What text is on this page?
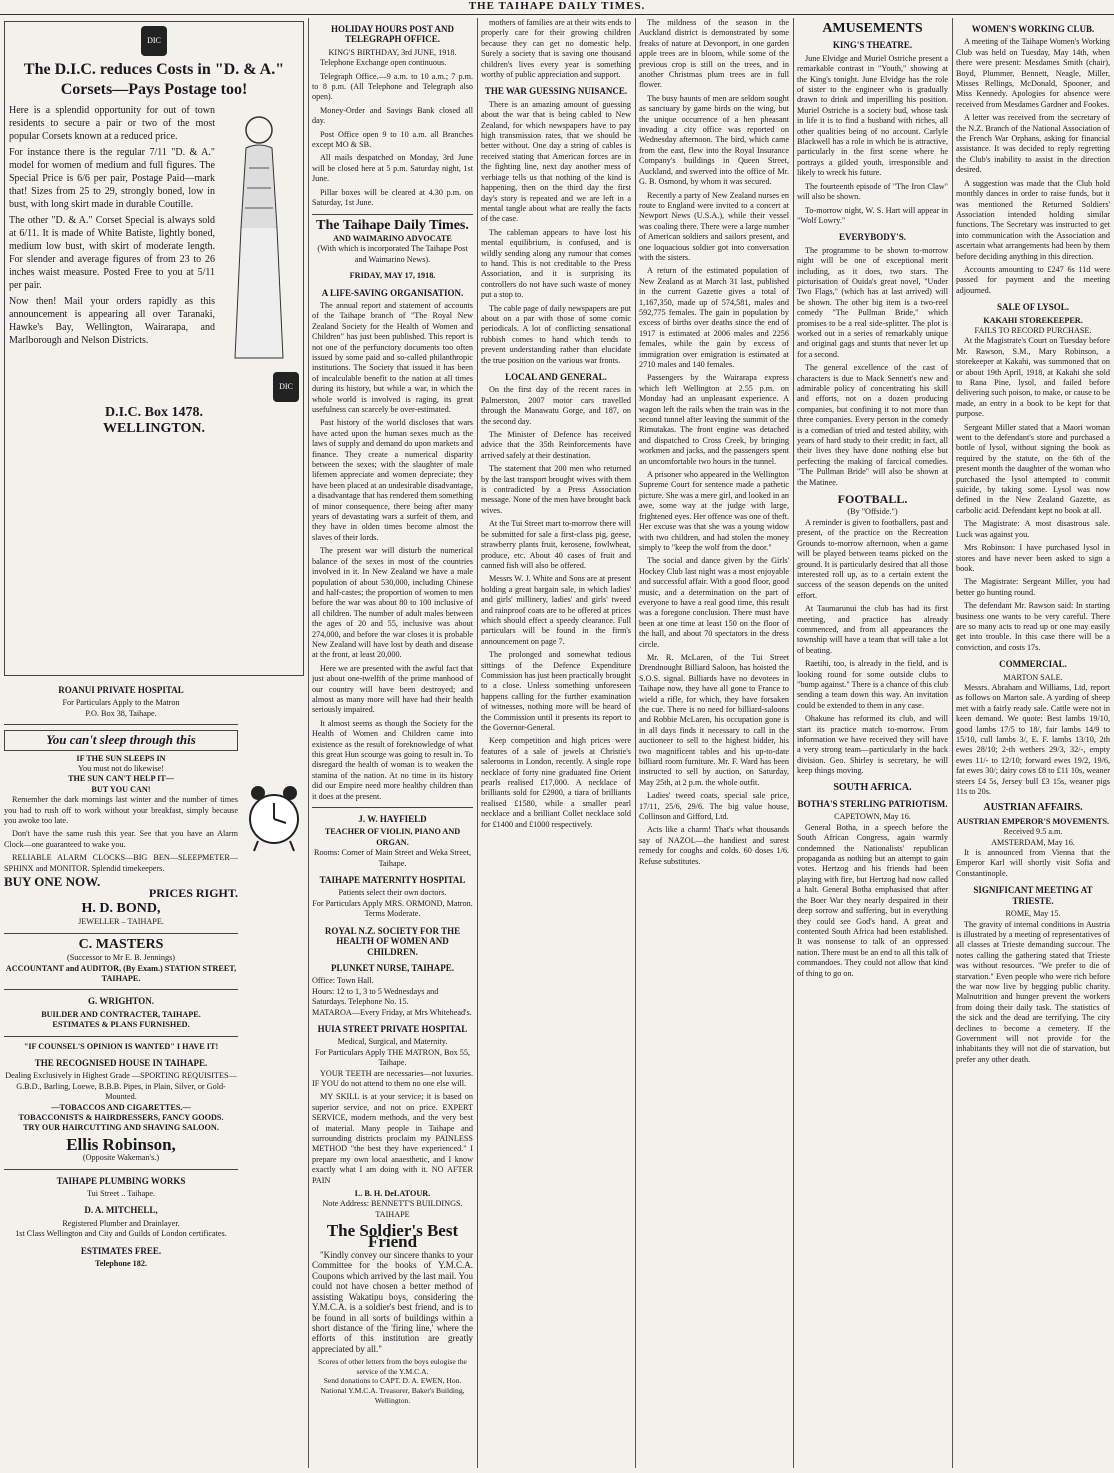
THE TAIHAPE DAILY TIMES.
DIC
The D.I.C. reduces Costs in "D. & A." Corsets—Pays Postage too!

Here is a splendid opportunity for out of town residents to secure a pair or two of the most popular Corsets known at a reduced price.

For instance there is the regular 7/11 "D. & A." model for women of medium and full figures. The Special Price is 6/6 per pair, Postage Paid—mark that! Sizes from 25 to 29, strongly boned, low in bust, with long skirt made in durable Coutille.

The other "D. & A." Corset Special is always sold at 6/11. It is made of White Batiste, lightly boned, medium low bust, with skirt of moderate length. For slender and average figures of from 23 to 26 inches waist measure. Posted Free to you at 5/11 per pair.

Now then! Mail your orders rapidly as this announcement is appearing all over Taranaki, Hawke's Bay, Wellington, Wairarapa, and Marlborough and Nelson Districts.

DIC
D.I.C. Box 1478.
WELLINGTON.
ROANUI PRIVATE HOSPITAL
For Particulars Apply to the Matron
P.O. Box 38, Taihape.
You can't sleep through this
IF THE SUN SLEEPS IN
You must not do likewise!
THE SUN CAN'T HELP IT—
BUT YOU CAN!

Remember the dark mornings last winter and the number of times you had to rush off to work without your breakfast, simply because you awoke too late.

Don't have the same rush this year. See that you have an Alarm Clock—one guaranteed to wake you.

RELIABLE ALARM CLOCKS—BIG BEN—SLEEPMETER—SPHINX and MONITOR. Splendid timekeepers.

BUY ONE NOW.
PRICES RIGHT.
H. D. BOND,
JEWELLER – TAIHAPE.
C. MASTERS
(Successor to Mr E. B. Jennings)
ACCOUNTANT and AUDITOR, (By Exam.) STATION STREET, TAIHAPE.
G. WRIGHTON.
BUILDER AND CONTRACTER, TAIHAPE.
ESTIMATES & PLANS FURNISHED.
"IF COUNSEL'S OPINION IS WANTED" I HAVE IT!
THE RECOGNISED HOUSE IN TAIHAPE.
Dealing Exclusively in Highest Grade —SPORTING REQUISITES—
G.B.D., Barling, Loewe, B.B.B. Pipes, in Plain, Silver, or Gold-Mounted.
—TOBACCOS AND CIGARETTES.—
TOBACCONISTS & HAIRDRESSERS, FANCY GOODS.
TRY OUR HAIRCUTTING AND SHAVING SALOON.
Ellis Robinson,
(Opposite Wakeman's.)
TAIHAPE PLUMBING WORKS
Tui Street .. Taihape.
D. A. MITCHELL,
Registered Plumber and Drainlayer.
1st Class Wellington and City and Guilds of London certificates.
ESTIMATES FREE.
Telephone 182.
HOLIDAY HOURS POST AND TELEGRAPH OFFICE.
KING'S BIRTHDAY, 3rd JUNE, 1918.

Telephone Exchange open continuous.

Telegraph Office.—9 a.m. to 10 a.m.; 7 p.m. to 8 p.m. (All Telephone and Telegraph also open).

Money-Order and Savings Bank closed all day.

Post Office open 9 to 10 a.m. all Branches except MO & SB.

All mails despatched on Monday, 3rd June will be closed here at 5 p.m. Saturday night, 1st June.

Pillar boxes will be cleared at 4.30 p.m. on Saturday, 1st June.

The Taihape Daily Times.
AND WAIMARINO ADVOCATE
(With which is incorporated The Taihape Post and Waimarino News).
FRIDAY, MAY 17, 1918.
A LIFE-SAVING ORGANISATION.

The annual report and statement of accounts of the Taihape branch of "The Royal New Zealand Society for the Health of Women and Children" has just been published. This report is not one of the perfunctory documents too often issued by some paid and so-called philanthropic institutions. The Society that issued it has been of incalculable benefit to the nation at all times during its history, but while a war, in which the whole world is involved is raging, its great usefulness can scarcely be over-estimated.

Past history of the world discloses that wars have acted upon the human sexes much as the laws of supply and demand do upon markets and finance. They create a numerical disparity between the sexes; with the slaughter of male lifemen appreciate and women depreciate; they have been placed at an undesirable disadvantage, a disadvantage that has rendered them something of minor consequence, there being after many years of devastating wars a surfeit of them, and they have in olden times become almost the slaves of their lords.

The present war will disturb the numerical balance of the sexes in most of the countries involved in it. In New Zealand we have a male population of about 530,000, including Chinese and half-castes; the proportion of women to men before the war was about 80 to 100 inclusive of all children. The number of adult males between the ages of 20 and 55, inclusive was about 274,000, and before the war closes it is probable New Zealand will have lost by death and disease at the front, at least 20,000.

Here we are presented with the awful fact that just about one-twelfth of the prime manhood of our country will have been destroyed; and almost as many more will have had their health seriously impaired.

It almost seems as though the Society for the Health of Women and Children came into existence as the result of foreknowledge of what this great Hun scourge was going to result in. To disregard the health of woman is to weaken the stamina of the nation. At no time in its history did our Empire need more healthy children than it does at the present.

J. W. HAYFIELD
TEACHER OF VIOLIN, PIANO AND ORGAN.
Rooms: Corner of Main Street and Weka Street, Taihape.
TAIHAPE MATERNITY HOSPITAL
Patients select their own doctors.
For Particulars Apply MRS. ORMOND, Matron. Terms Moderate.
ROYAL N.Z. SOCIETY FOR THE HEALTH OF WOMEN AND CHILDREN.
PLUNKET NURSE, TAIHAPE.
Office: Town Hall.
Hours: 12 to 1, 3 to 5 Wednesdays and Saturdays. Telephone No. 15.
MATAROA—Every Friday, at Mrs Whitehead's.
HUIA STREET PRIVATE HOSPITAL
Medical, Surgical, and Maternity.
For Particulars Apply THE MATRON, Box 55, Taihape.

YOUR TEETH are necessaries—not luxuries. IF YOU do not attend to them no one else will.

MY SKILL is at your service; it is based on superior service, and not on price. EXPERT SERVICE, modern methods, and the very best of material. Many people in Taihape and surrounding districts proclaim my PAINLESS METHOD "the best they have experienced." I prepare my own local anaesthetic, and I know exactly what I am doing with it. NO AFTER PAIN

L. B. H. DeLATOUR.
Note Address: BENNETT'S BUILDINGS. TAIHAPE
The Soldier's Best Friend

"Kindly convey our sincere thanks to your Committee for the books of Y.M.C.A. Coupons which arrived by the last mail. You could not have chosen a better method of assisting Wakatipu boys, considering the Y.M.C.A. is a soldier's best friend, and is to be found in all sorts of buildings within a short distance of the 'firing line,' where the efforts of this institution are greatly appreciated by all."

Scores of other letters from the boys eulogise the service of the Y.M.C.A.
Send donations to CAPT. D. A. EWEN, Hon. National Y.M.C.A. Treasurer, Baker's Building, Wellington.

mothers of families are at their wits ends to properly care for their growing children because they can get no domestic help. Surely a society that is saving one thousand children's lives every year is something worthy of public appreciation and support.

THE WAR GUESSING NUISANCE.

There is an amazing amount of guessing about the war that is being cabled to New Zealand, for which newspapers have to pay high transmission rates, that we should be better without. One day a string of cables is received stating that American forces are in the fighting line, next day another mess of verbiage tells us that nothing of the kind is happening, then on the third day the first day's story is repeated and we are left in a mental tangle about what are really the facts of the case.

The cableman appears to have lost his mental equilibrium, is confused, and is wildly sending along any rumour that comes to hand. This is not creditable to the Press Association, and it is surprising its controllers do not have such waste of money put a stop to.

The cable page of daily newspapers are put about on a par with those of some comic periodicals. A lot of conflicting sensational rubbish comes to hand which tends to prevent understanding rather than elucidate the true position on the various war fronts.

LOCAL AND GENERAL.

On the first day of the recent races in Palmerston, 2007 motor cars travelled through the Manawatu Gorge, and 187, on the second day.

The Minister of Defence has received advice that the 35th Reinforcements have arrived safely at their destination.

The statement that 200 men who returned by the last transport brought wives with them is contradicted by a Press Association message. None of the men have brought back wives.

At the Tui Street mart to-morrow there will be submitted for sale a first-class pig, geese, strawberry plants fruit, kerosene, fowlwheat, produce, etc. About 40 cases of fruit and canned fish will also be offered.

Messrs W. J. White and Sons are at present holding a great bargain sale, in which ladies' and girls' millinery, ladies' and girls' tweed and rainproof coats are to be offered at prices which should effect a speedy clearance. Full particulars will be found in the firm's announcement on page 7.

The prolonged and somewhat tedious sittings of the Defence Expenditure Commission has just been practically brought to a close. Unless something unforeseen happens calling for the further examination of witnesses, nothing more will be heard of the Commission until it presents its report to the Governor-General.

Keep competition and high prices were features of a sale of jewels at Christie's salerooms in London, recently. A single rope necklace of forty nine graduated fine Orient pearls realised £17,000. A necklace of brilliants sold for £2900, a tiara of brilliants realised £1580, while a smaller pearl necklace and a brilliant Collet necklace sold for £1400 and £1000 respectively.

The mildness of the season in the Auckland district is demonstrated by some freaks of nature at Devonport, in one garden apple trees are in bloom, while some of the previous crop is still on the trees, and in another Christmas plum trees are in full flower.

The busy haunts of men are seldom sought as sanctuary by game birds on the wing, but the unique occurrence of a hen pheasant invading a city office was reported on Wednesday afternoon. The bird, which came from the east, flew into the Royal Insurance Company's buildings in Queen Street, Auckland, and swerved into the office of Mr. G. B. Osmond, by whom it was secured.

Recently a party of New Zealand nurses en route to England were invited to a concert at Newport News (U.S.A.), while their vessel was coaling there. There were a large number of American soldiers and sailors present, and one loquacious soldier got into conversation with the sisters.

A return of the estimated population of New Zealand as at March 31 last, published in the current Gazette gives a total of 1,167,350, made up of 574,581, males and 592,775 females. The gain in population by excess of births over deaths since the end of 1917 is estimated at 2006 males and 2256 females, while the gain by excess of immigration over emigration is estimated at 2710 males and 140 females.

Passengers by the Wairarapa express which left Wellington at 2.55 p.m. on Monday had an unpleasant experience. A wagon left the rails when the train was in the second tunnel after leaving the summit of the Rimutakas. The front engine was detached and dispatched to Cross Creek, by bringing workmen and jacks, and the passengers spent an uncomfortable two hours in the tunnel.

A prisoner who appeared in the Wellington Supreme Court for sentence made a pathetic picture. She was a mere girl, and looked in an awe, some way at the judge with large, frightened eyes. Her offence was one of theft. Her excuse was that she was a young widow with two children, and had stolen the money simply to "keep the wolf from the door."

The social and dance given by the Girls' Hockey Club last night was a most enjoyable and successful affair. With a good floor, good music, and a determination on the part of everyone to have a real good time, this result was a foregone conclusion. There must have been at one time at least 150 on the floor of the hall, and about 70 spectators in the dress circle.

Mr. R. McLaren, of the Tui Street Drendnought Billiard Saloon, has hoisted the S.O.S. signal. Billiards have no devotees in Taihape now, they have all gone to France to wield a rifle, for which, they have forsaken the cue. There is no need for billiard-saloons and Robbie McLaren, his occupation gone is in all days finds it necessary to call in the auctioneer to sell to the highest bidder, his two magnificent tables and his up-to-date billiard room furniture. Mr. F. Ward has been instructed to sell by auction, on Saturday, May 25th, at 2 p.m. the whole outfit.

Ladies' tweed coats, special sale price, 17/11, 25/6, 29/6. The big value house, Collinson and Gifford, Ltd.

Acts like a charm! That's what thousands say of NAZOL—the handiest and surest remedy for coughs and colds. 60 doses 1/6. Refuse substitutes.

AMUSEMENTS
KING'S THEATRE.

June Elvidge and Muriel Ostriche present a remarkable contrast in "Youth," showing at the King's tonight. June Elvidge has the role of sister to the engineer who is gradually drawn to drink and imperilling his position. Muriel Ostriche is a society bud, whose task in life it is to find a husband with riches, all other qualities being of no account. Carlyle Blackwell has a role in which he is attractive, particularly in the first scene where he portrays a gilded youth, irresponsible and likely to wreck his future.

The fourteenth episode of "The Iron Claw" will also be shown.

To-morrow night, W. S. Hart will appear in "Wolf Lowry."

EVERYBODY'S.

The programme to be shown to-morrow night will be one of exceptional merit including, as it does, two stars. The picturisation of Ouida's great novel, "Under Two Flags," (which has at last arrived) will be shown. The other big item is a two-reel comedy "The Pullman Bride," which promises to be a real side-splitter. The plot is worked out in a series of remarkably unique and original gags and stunts that never let up for a second.

The general excellence of the cast of characters is due to Mack Sennett's new and admirable policy of concentrating his skill and efforts, not on a dozen producing companies, but confining it to not more than three companies. Every person in the comedy is a comedian of tried and tested ability, with years of hard study to their credit; in fact, all their lives they have done nothing else but perfecting the making of farcical comedies. "The Pullman Bride" will also be shown at the Matinee.

FOOTBALL.
(By "Offside.")

A reminder is given to footballers, past and present, of the practice on the Recreation Grounds to-morrow afternoon, when a game will be played between teams picked on the ground. It is particularly desired that all those interested roll up, as to a certain extent the success of the season depends on the united effort.

At Taumarunui the club has had its first meeting, and practice has already commenced, and from all appearances the township will have a team that will take a lot of beating.

Raetihi, too, is already in the field, and is looking round for some outside clubs to "bump against." There is a chance of this club sending a team down this way. An invitation could be extended to them in any case.

Ohakune has reformed its club, and will start its practice match to-morrow. From information we have received they will have a very strong team—particularly in the back division. Geo. Shirley is secretary, he will keep things moving.

SOUTH AFRICA.
BOTHA'S STERLING PATRIOTISM.
CAPETOWN, May 16.

General Botha, in a speech before the South African Congress, again warmly condemned the Nationalists' republican propaganda as nothing but an attempt to gain votes. Hertzog and his friends had been playing with fire, but Hertzog had now called a halt. General Botha emphasised that after the Boer War they nearly despaired in their deep sorrow and suffering, but in everything they could see God's hand. A great and contented South Africa had been established. It was nonsense to talk of an oppressed nation. There must be an end to all this talk of commandoes. They could not allow that kind of thing to go on.

WOMEN'S WORKING CLUB.

A meeting of the Taihape Women's Working Club was held on Tuesday, May 14th, when there were present: Mesdames Smith (chair), Boyd, Plummer, Bennett, Neagle, Miller, Misses Rellings, McDonald, Spooner, and Miss Kennedy. Apologies for absence were received from Mesdames Gardner and Fookes.

A letter was received from the secretary of the N.Z. Branch of the National Association of the French War Orphans, asking for financial assistance. It was decided to reply regretting the Club's inability to assist in the direction desired.

A suggestion was made that the Club hold monthly dances in order to raise funds, but it was mentioned the Returned Soldiers' Association intended holding similar functions. The Secretary was instructed to get into communication with the Association and ascertain what arrangements had been by them before deciding anything in this direction.

Accounts amounting to £247 6s 11d were passed for payment and the meeting adjourned.

SALE OF LYSOL.
KAKAHI STOREKEEPER.
FAILS TO RECORD PURCHASE.

At the Magistrate's Court on Tuesday before Mr. Rawson, S.M., Mary Robinson, a storekeeper at Kakahi, was summoned that on or about 19th April, 1918, at Kakahi she sold to Rana Pine, lysol, and failed before delivering such poison, to make, or cause to be made, an entry in a book to be kept for that purpose.

Sergeant Miller stated that a Maori woman went to the defendant's store and purchased a bottle of lysol, without signing the book as required by the statute, on the 6th of the present month the daughter of the woman who purchased the lysol attempted to commit suicide, by taking some. Lysol was now defined in the New Zealand Gazette, as carbolic acid. Defendant kept no book at all.

The Magistrate: A most disastrous sale. Luck was against you.

Mrs Robinson: I have purchased lysol in stores and have never been asked to sign a book.

The Magistrate: Sergeant Miller, you had better go hunting round.

The defendant Mr. Rawson said: In starting business one wants to be very careful. There are so many acts to read up or one may easily get into trouble. In this case there will be a conviction, and costs 17s.

COMMERCIAL.
MARTON SALE.

Messrs. Abraham and Williams, Ltd, report as follows on Marton sale. A yarding of sheep met with a fairly ready sale. Cattle were not in keen demand. We quote: Best lambs 19/10, good lambs 17/5 to 18/, fair lambs 14/9 to 15/10, cull lambs 3/, E. F. lambs 13/10, 2th ewes 28/10; 2-th wethers 29/3, 32/-, empty ewes 11/- to 12/10; forward ewes 19/2, 19/6, fat ewes 30/; dairy cows £8 to £11 10s, weaner steers £4 5s, Jersey bull £3 15s, weaner pigs 11s to 20s.

AUSTRIAN AFFAIRS.
AUSTRIAN EMPEROR'S MOVEMENTS.
Received 9.5 a.m.
AMSTERDAM, May 16.

It is announced from Vienna that the Emperor Karl will shortly visit Sofia and Constantinople.

SIGNIFICANT MEETING AT TRIESTE.
ROME, May 15.

The gravity of internal conditions in Austria is illustrated by a meeting of representatives of all classes at Trieste demanding succour. The notes calling the gathering stated that Trieste was without resources. "We prefer to die of starvation." Even people who were rich before the war now live by begging public charity. Malnutrition and hunger prevent the workers from doing their daily task. The statistics of the sick and the dead are terrifying. The city declines to become a cemetery. If the Government will not provide for the inhabitants they will not die of starvation, but prefer any other death.
